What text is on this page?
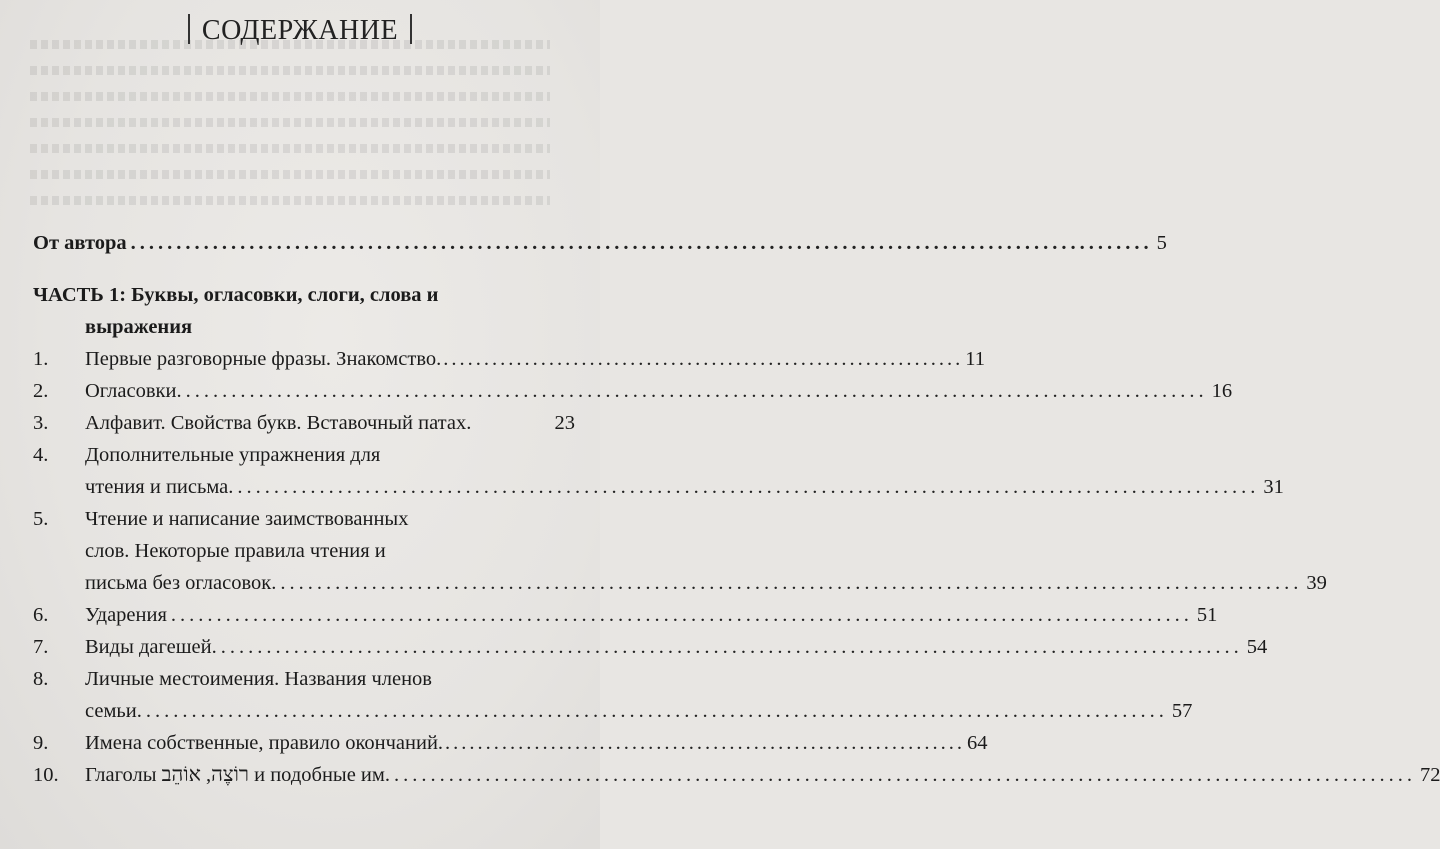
СОДЕРЖАНИЕ
От автора ................................................................................................................ 5
ЧАСТЬ 1: Буквы, огласовки, слоги, слова и
выражения
1.	Первые разговорные фразы. Знакомство. ................................................................ 11
2.	Огласовки. ................................................................................................................ 16
3.	Алфавит. Свойства букв. Вставочный патах.	23
4.	Дополнительные упражнения для
чтения и письма. ................................................................................................................ 31
5.	Чтение и написание заимствованных
слов. Некоторые правила чтения и
письма без огласовок. ................................................................................................................ 39
6.	Ударения ................................................................................................................ 51
7.	Виды дагешей. ................................................................................................................ 54
8.	Личные местоимения. Названия членов
семьи. ................................................................................................................ 57
9.	Имена собственные, правило окончаний. ................................................................ 64
10.	Глаголы רוֹצֶה, אוֹהֵב и подобные им. ................................................................................................................ 72
